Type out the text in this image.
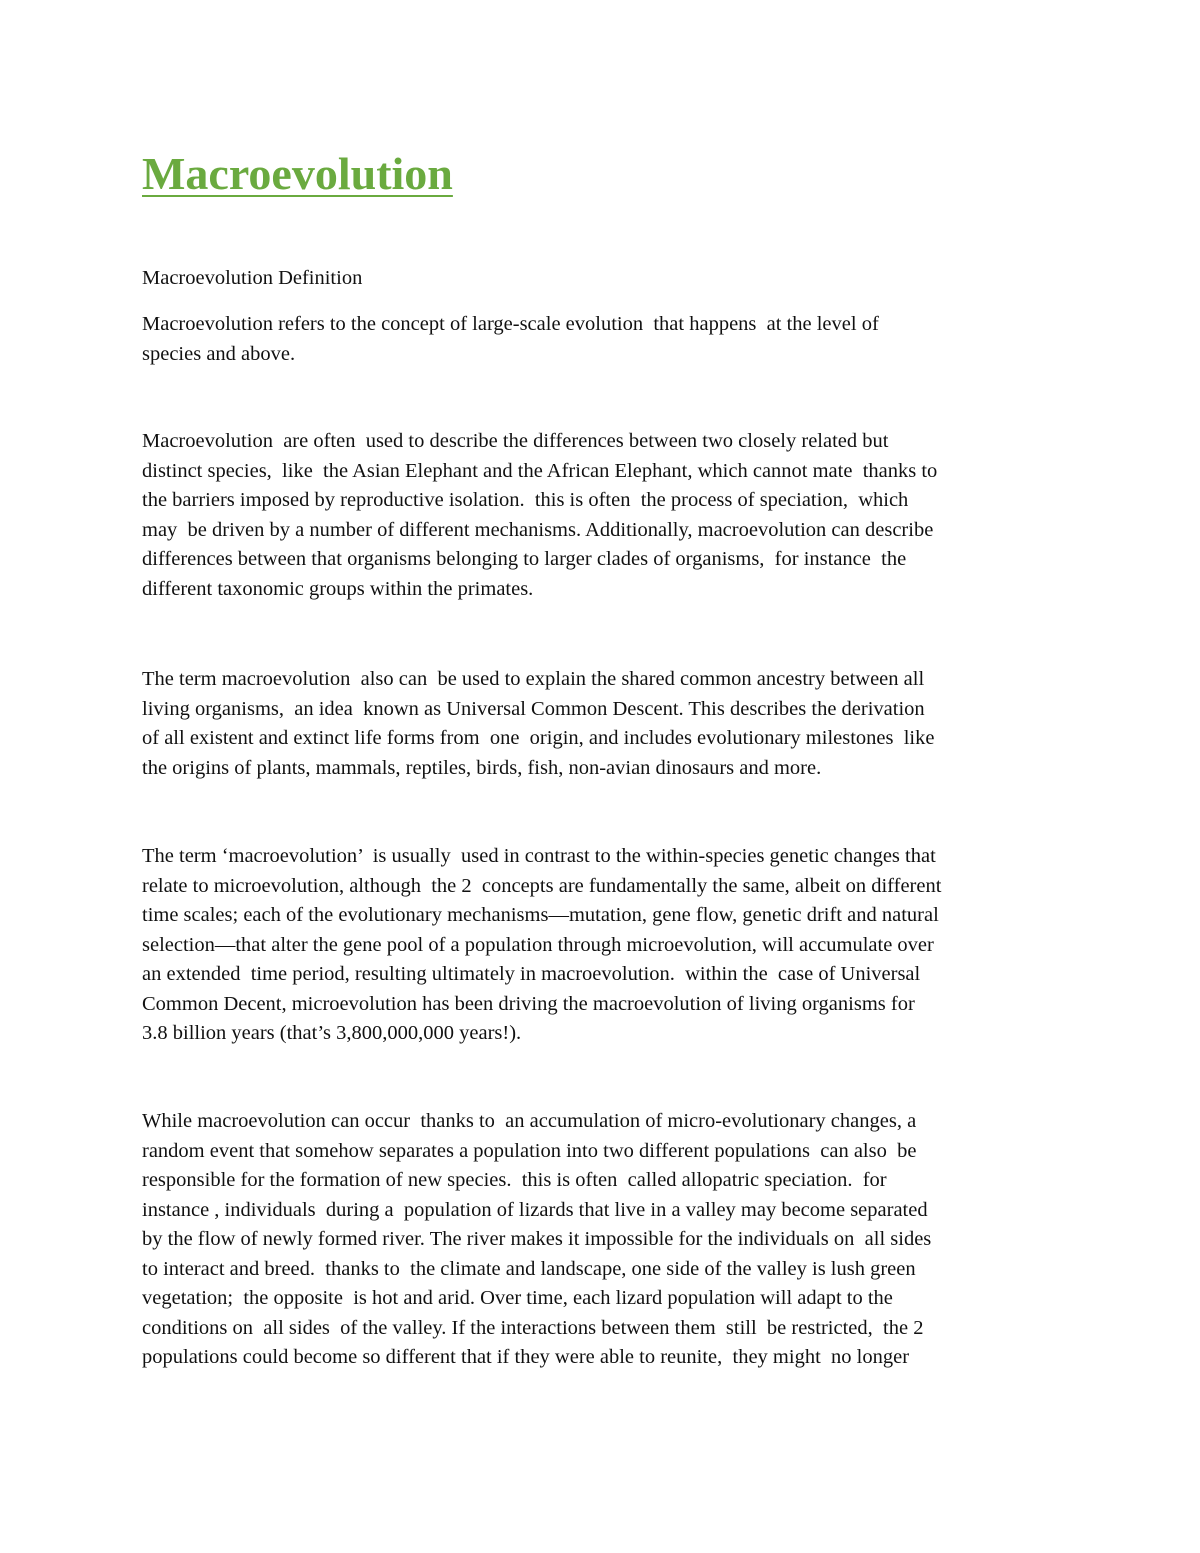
Macroevolution
Macroevolution Definition
Macroevolution refers to the concept of large-scale evolution  that happens  at the level of
species and above.
Macroevolution  are often  used to describe the differences between two closely related but
distinct species,  like  the Asian Elephant and the African Elephant, which cannot mate  thanks to
the barriers imposed by reproductive isolation.  this is often  the process of speciation,  which
may  be driven by a number of different mechanisms. Additionally, macroevolution can describe
differences between that organisms belonging to larger clades of organisms,  for instance  the
different taxonomic groups within the primates.
The term macroevolution  also can  be used to explain the shared common ancestry between all
living organisms,  an idea  known as Universal Common Descent. This describes the derivation
of all existent and extinct life forms from  one  origin, and includes evolutionary milestones  like
the origins of plants, mammals, reptiles, birds, fish, non-avian dinosaurs and more.
The term ‘macroevolution’  is usually  used in contrast to the within-species genetic changes that
relate to microevolution, although  the 2  concepts are fundamentally the same, albeit on different
time scales; each of the evolutionary mechanisms—mutation, gene flow, genetic drift and natural
selection—that alter the gene pool of a population through microevolution, will accumulate over
an extended  time period, resulting ultimately in macroevolution.  within the  case of Universal
Common Decent, microevolution has been driving the macroevolution of living organisms for
3.8 billion years (that’s 3,800,000,000 years!).
While macroevolution can occur  thanks to  an accumulation of micro-evolutionary changes, a
random event that somehow separates a population into two different populations  can also  be
responsible for the formation of new species.  this is often  called allopatric speciation.  for
instance , individuals  during a  population of lizards that live in a valley may become separated
by the flow of newly formed river. The river makes it impossible for the individuals on  all sides
to interact and breed.  thanks to  the climate and landscape, one side of the valley is lush green
vegetation;  the opposite  is hot and arid. Over time, each lizard population will adapt to the
conditions on  all sides  of the valley. If the interactions between them  still  be restricted,  the 2
populations could become so different that if they were able to reunite,  they might  no longer
